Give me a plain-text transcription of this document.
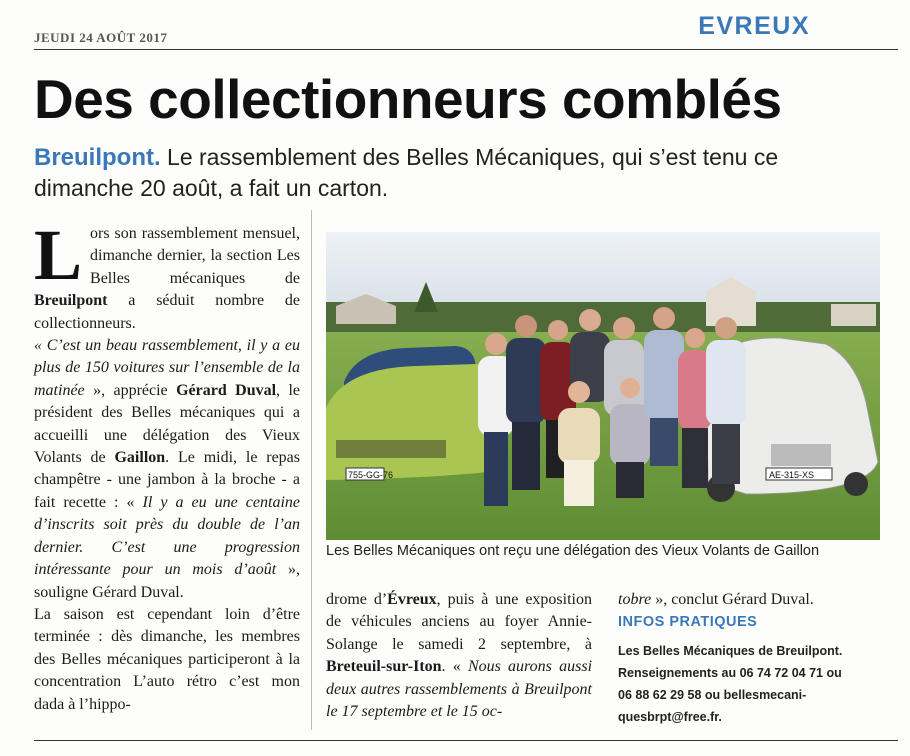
JEUDI 24 AOÛT 2017	EVREUX
Des collectionneurs comblés
Breuilpont. Le rassemblement des Belles Mécaniques, qui s’est tenu ce dimanche 20 août, a fait un carton.

Lors son rassemblement mensuel, dimanche dernier, la section Les Belles mécaniques de Breuilpont a séduit nombre de collectionneurs.

« C’est un beau rassemblement, il y a eu plus de 150 voitures sur l’ensemble de la matinée », apprécie Gérard Duval, le président des Belles mécaniques qui a accueilli une délégation des Vieux Volants de Gaillon. Le midi, le repas champêtre - une jambon à la broche - a fait recette : « Il y a eu une centaine d’inscrits soit près du double de l’an dernier. C’est une progression intéressante pour un mois d’août », souligne Gérard Duval.

La saison est cependant loin d’être terminée : dès dimanche, les membres des Belles mécaniques participeront à la concentration L’auto rétro c’est mon dada à l’hippo-

755-GG-76	AE-315-XS
Les Belles Mécaniques ont reçu une délégation des Vieux Volants de Gaillon

drome d’Évreux, puis à une exposition de véhicules anciens au foyer Annie-Solange le samedi 2 septembre, à Breteuil-sur-Iton. « Nous aurons aussi deux autres rassemblements à Breuilpont le 17 septembre et le 15 oc-

tobre », conclut Gérard Duval.

INFOS PRATIQUES
Les Belles Mécaniques de Breuilpont.
Renseignements au 06 74 72 04 71 ou
06 88 62 29 58 ou bellesmecani-
quesbrpt@free.fr.
